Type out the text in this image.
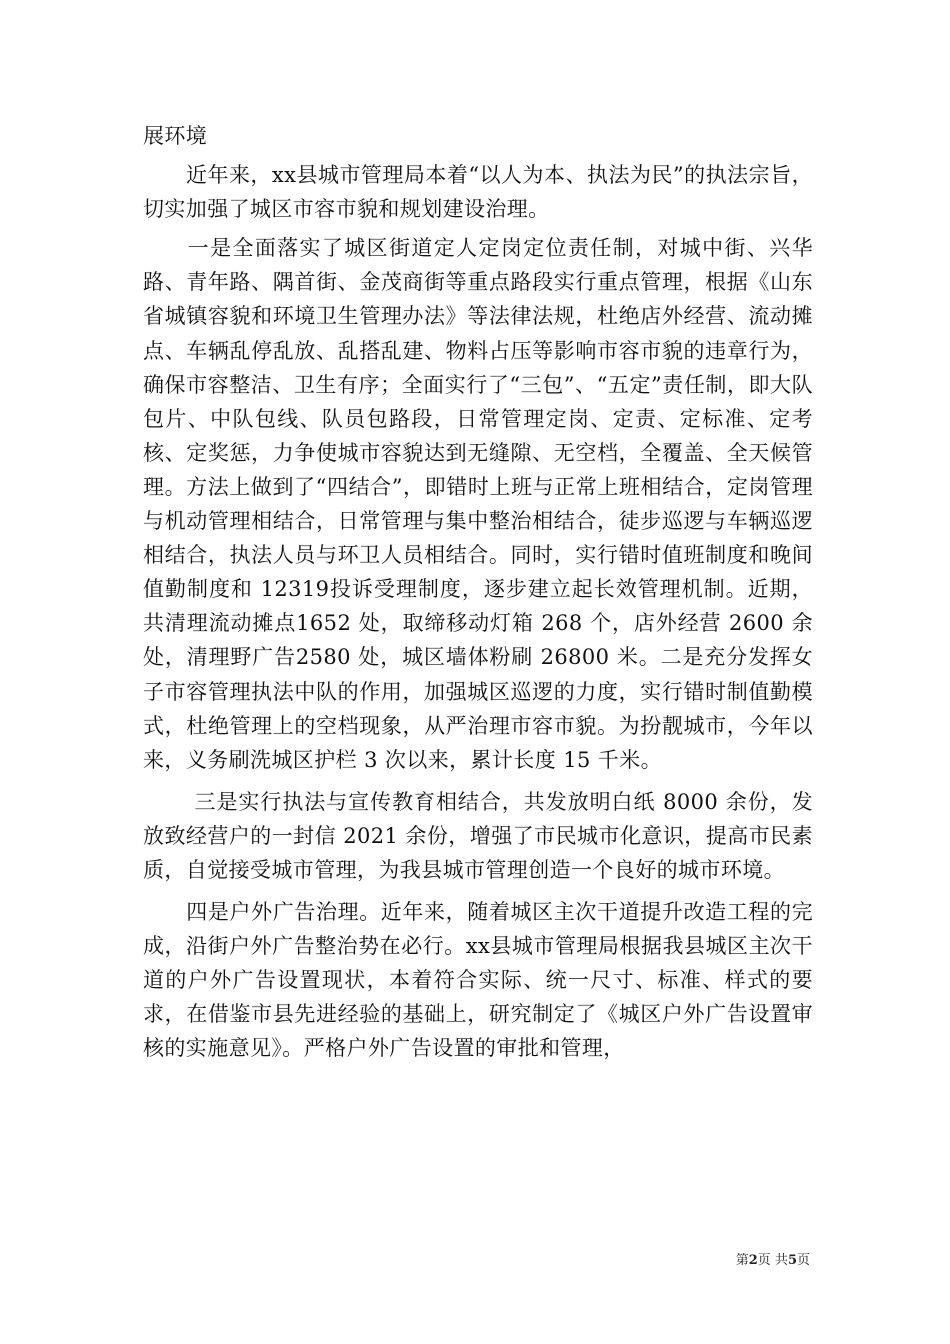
展环境

　　近年来，xx县城市管理局本着“以人为本、执法为民”的执法宗旨，切实加强了城区市容市貌和规划建设治理。

　　一是全面落实了城区街道定人定岗定位责任制，对城中街、兴华路、青年路、隅首街、金茂商街等重点路段实行重点管理，根据《山东省城镇容貌和环境卫生管理办法》等法律法规，杜绝店外经营、流动摊点、车辆乱停乱放、乱搭乱建、物料占压等影响市容市貌的违章行为，确保市容整洁、卫生有序；全面实行了“三包”、“五定”责任制，即大队包片、中队包线、队员包路段，日常管理定岗、定责、定标准、定考核、定奖惩，力争使城市容貌达到无缝隙、无空档，全覆盖、全天候管理。方法上做到了“四结合”，即错时上班与正常上班相结合，定岗管理与机动管理相结合，日常管理与集中整治相结合，徒步巡逻与车辆巡逻相结合，执法人员与环卫人员相结合。同时，实行错时值班制度和晚间值勤制度和 12319投诉受理制度，逐步建立起长效管理机制。近期，共清理流动摊点1652 处，取缔移动灯箱 268 个，店外经营 2600 余处，清理野广告2580 处，城区墙体粉刷 26800 米。二是充分发挥女子市容管理执法中队的作用，加强城区巡逻的力度，实行错时制值勤模式，杜绝管理上的空档现象，从严治理市容市貌。为扮靓城市，今年以来，义务刷洗城区护栏 3 次以来，累计长度 15 千米。

　　 三是实行执法与宣传教育相结合，共发放明白纸 8000 余份，发放致经营户的一封信 2021 余份，增强了市民城市化意识，提高市民素质，自觉接受城市管理，为我县城市管理创造一个良好的城市环境。

　　四是户外广告治理。近年来，随着城区主次干道提升改造工程的完成，沿街户外广告整治势在必行。xx县城市管理局根据我县城区主次干道的户外广告设置现状，本着符合实际、统一尺寸、标准、样式的要求，在借鉴市县先进经验的基础上，研究制定了《城区户外广告设置审核的实施意见》。严格户外广告设置的审批和管理，

第2页 共5页
